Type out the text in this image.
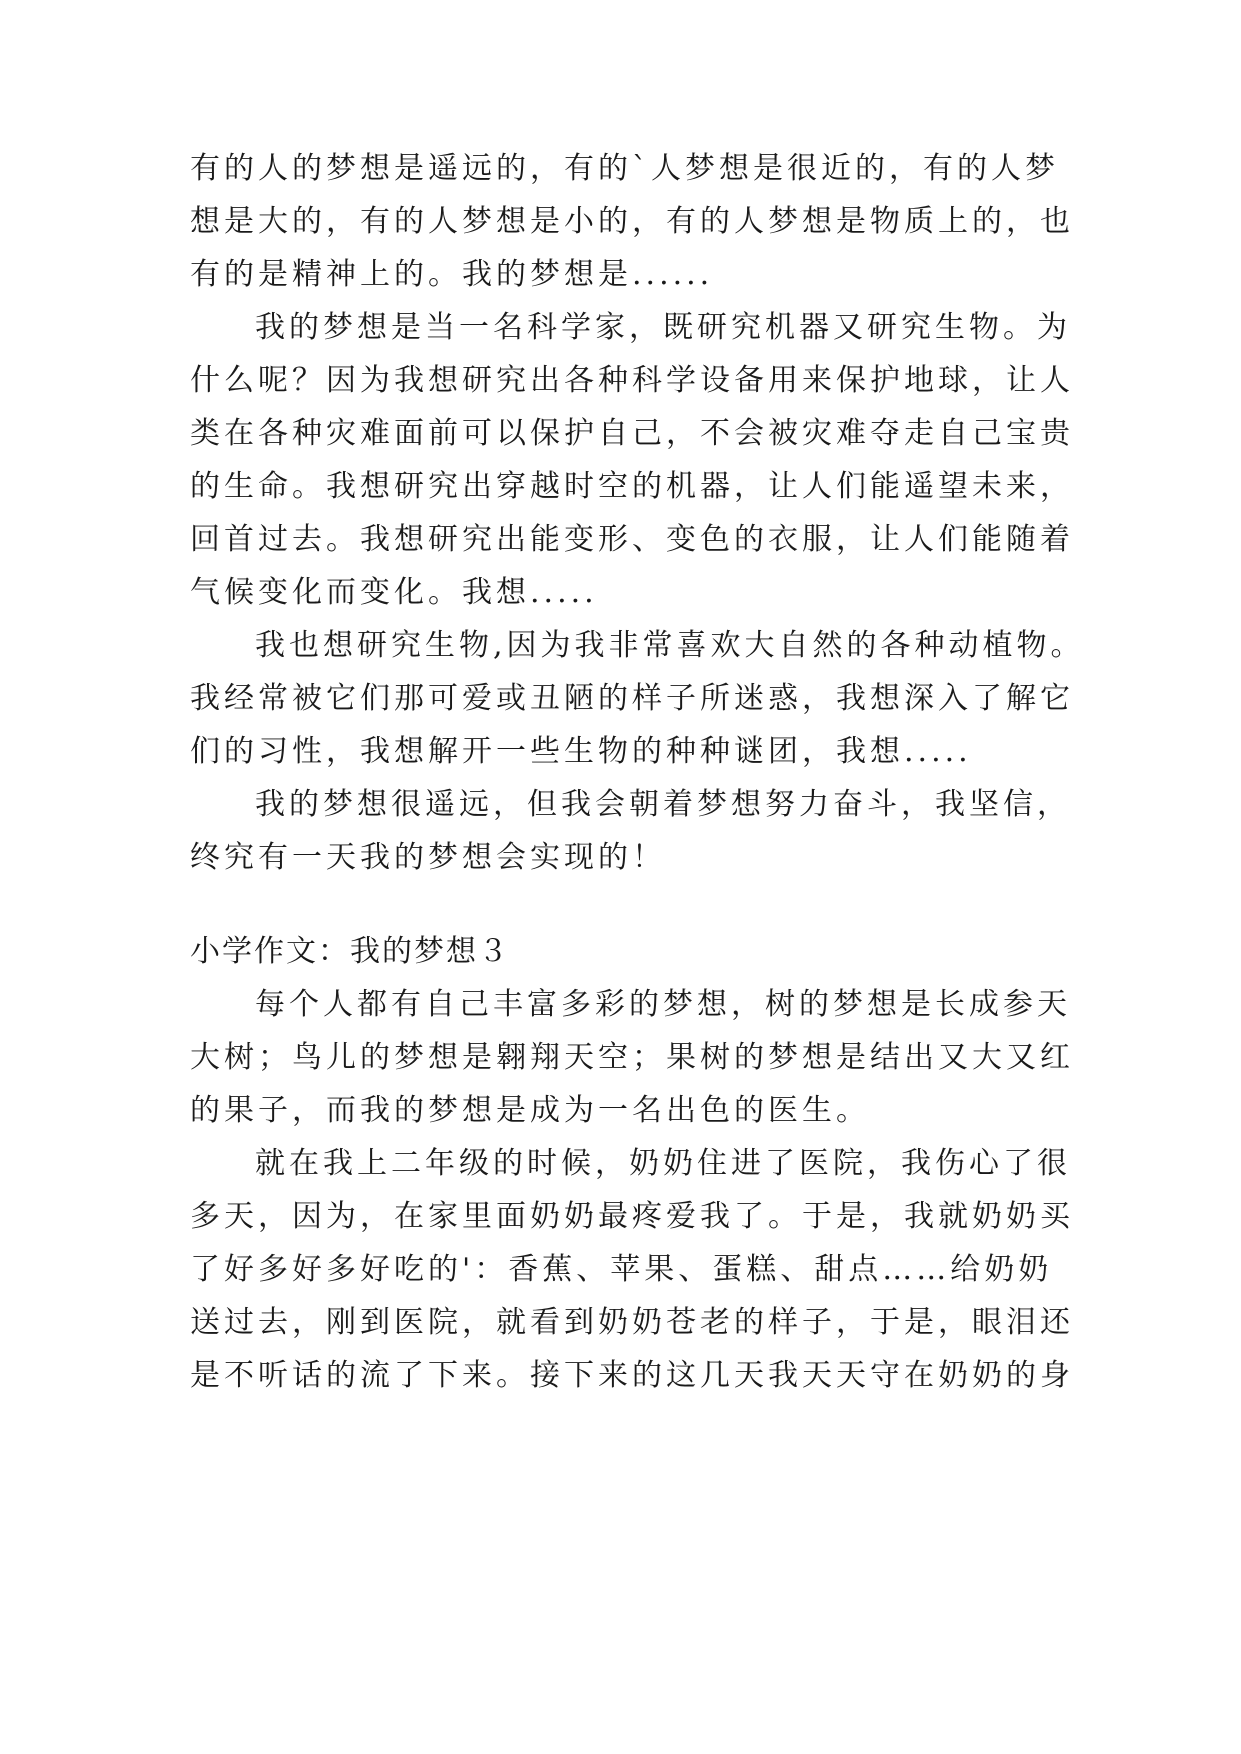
有的人的梦想是遥远的，有的`人梦想是很近的，有的人梦
想是大的，有的人梦想是小的，有的人梦想是物质上的，也
有的是精神上的。我的梦想是......
我的梦想是当一名科学家，既研究机器又研究生物。为
什么呢？因为我想研究出各种科学设备用来保护地球，让人
类在各种灾难面前可以保护自己，不会被灾难夺走自己宝贵
的生命。我想研究出穿越时空的机器，让人们能遥望未来，
回首过去。我想研究出能变形、变色的衣服，让人们能随着
气候变化而变化。我想.....
我也想研究生物,因为我非常喜欢大自然的各种动植物。
我经常被它们那可爱或丑陋的样子所迷惑，我想深入了解它
们的习性，我想解开一些生物的种种谜团，我想.....
我的梦想很遥远，但我会朝着梦想努力奋斗，我坚信，
终究有一天我的梦想会实现的！
小学作文：我的梦想３
每个人都有自己丰富多彩的梦想，树的梦想是长成参天
大树；鸟儿的梦想是翱翔天空；果树的梦想是结出又大又红
的果子，而我的梦想是成为一名出色的医生。
就在我上二年级的时候，奶奶住进了医院，我伤心了很
多天，因为，在家里面奶奶最疼爱我了。于是，我就奶奶买
了好多好多好吃的'：香蕉、苹果、蛋糕、甜点……给奶奶
送过去，刚到医院，就看到奶奶苍老的样子，于是，眼泪还
是不听话的流了下来。接下来的这几天我天天守在奶奶的身
